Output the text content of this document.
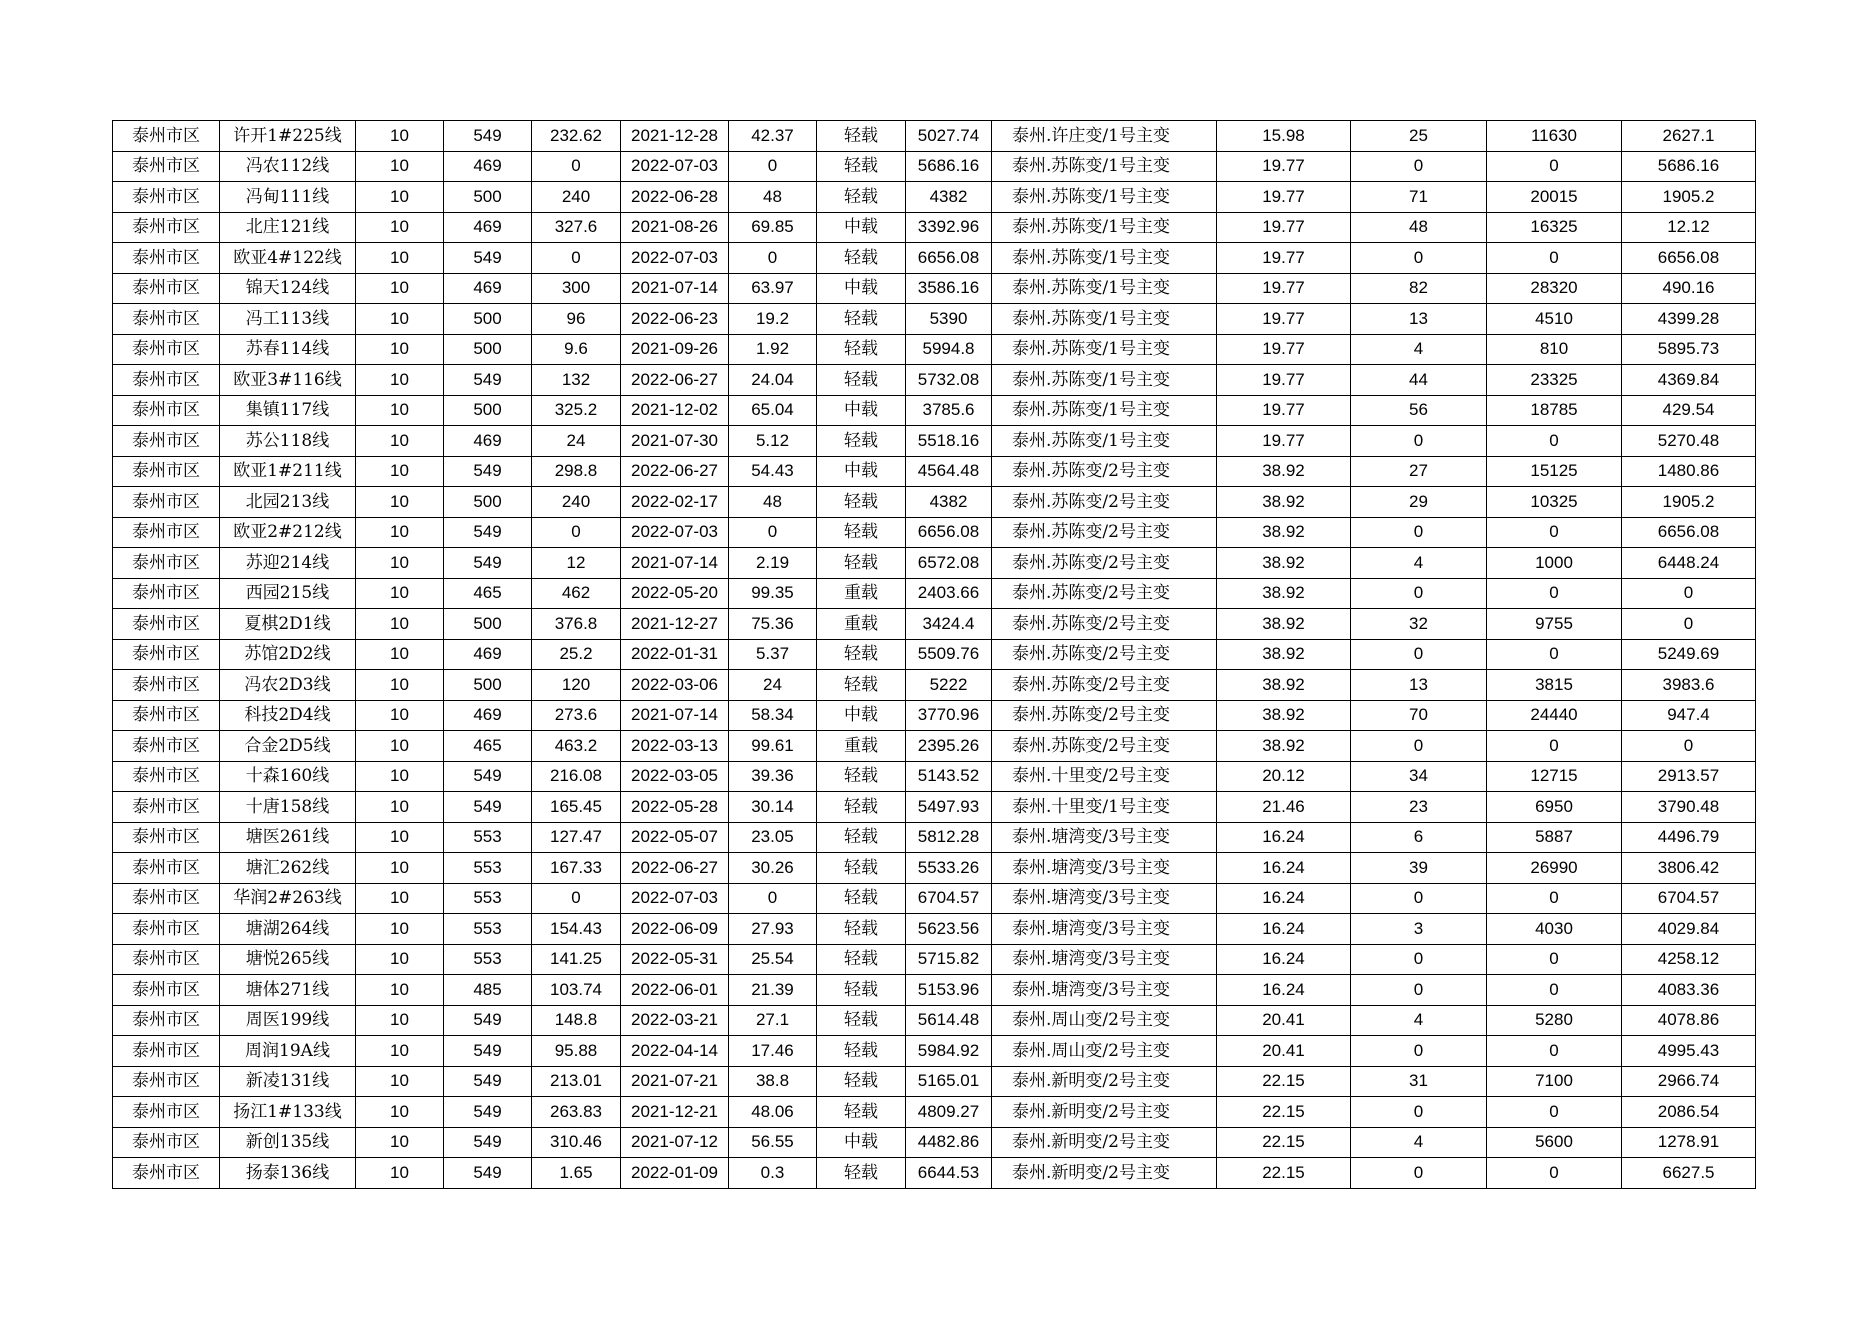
泰州市区	许开1#225线	10	549	232.62	2021-12-28	42.37	轻载	5027.74	泰州.许庄变/1号主变	15.98	25	11630	2627.1
泰州市区	冯农112线	10	469	0	2022-07-03	0	轻载	5686.16	泰州.苏陈变/1号主变	19.77	0	0	5686.16
泰州市区	冯甸111线	10	500	240	2022-06-28	48	轻载	4382	泰州.苏陈变/1号主变	19.77	71	20015	1905.2
泰州市区	北庄121线	10	469	327.6	2021-08-26	69.85	中载	3392.96	泰州.苏陈变/1号主变	19.77	48	16325	12.12
泰州市区	欧亚4#122线	10	549	0	2022-07-03	0	轻载	6656.08	泰州.苏陈变/1号主变	19.77	0	0	6656.08
泰州市区	锦天124线	10	469	300	2021-07-14	63.97	中载	3586.16	泰州.苏陈变/1号主变	19.77	82	28320	490.16
泰州市区	冯工113线	10	500	96	2022-06-23	19.2	轻载	5390	泰州.苏陈变/1号主变	19.77	13	4510	4399.28
泰州市区	苏春114线	10	500	9.6	2021-09-26	1.92	轻载	5994.8	泰州.苏陈变/1号主变	19.77	4	810	5895.73
泰州市区	欧亚3#116线	10	549	132	2022-06-27	24.04	轻载	5732.08	泰州.苏陈变/1号主变	19.77	44	23325	4369.84
泰州市区	集镇117线	10	500	325.2	2021-12-02	65.04	中载	3785.6	泰州.苏陈变/1号主变	19.77	56	18785	429.54
泰州市区	苏公118线	10	469	24	2021-07-30	5.12	轻载	5518.16	泰州.苏陈变/1号主变	19.77	0	0	5270.48
泰州市区	欧亚1#211线	10	549	298.8	2022-06-27	54.43	中载	4564.48	泰州.苏陈变/2号主变	38.92	27	15125	1480.86
泰州市区	北园213线	10	500	240	2022-02-17	48	轻载	4382	泰州.苏陈变/2号主变	38.92	29	10325	1905.2
泰州市区	欧亚2#212线	10	549	0	2022-07-03	0	轻载	6656.08	泰州.苏陈变/2号主变	38.92	0	0	6656.08
泰州市区	苏迎214线	10	549	12	2021-07-14	2.19	轻载	6572.08	泰州.苏陈变/2号主变	38.92	4	1000	6448.24
泰州市区	西园215线	10	465	462	2022-05-20	99.35	重载	2403.66	泰州.苏陈变/2号主变	38.92	0	0	0
泰州市区	夏棋2D1线	10	500	376.8	2021-12-27	75.36	重载	3424.4	泰州.苏陈变/2号主变	38.92	32	9755	0
泰州市区	苏馆2D2线	10	469	25.2	2022-01-31	5.37	轻载	5509.76	泰州.苏陈变/2号主变	38.92	0	0	5249.69
泰州市区	冯农2D3线	10	500	120	2022-03-06	24	轻载	5222	泰州.苏陈变/2号主变	38.92	13	3815	3983.6
泰州市区	科技2D4线	10	469	273.6	2021-07-14	58.34	中载	3770.96	泰州.苏陈变/2号主变	38.92	70	24440	947.4
泰州市区	合金2D5线	10	465	463.2	2022-03-13	99.61	重载	2395.26	泰州.苏陈变/2号主变	38.92	0	0	0
泰州市区	十森160线	10	549	216.08	2022-03-05	39.36	轻载	5143.52	泰州.十里变/2号主变	20.12	34	12715	2913.57
泰州市区	十唐158线	10	549	165.45	2022-05-28	30.14	轻载	5497.93	泰州.十里变/1号主变	21.46	23	6950	3790.48
泰州市区	塘医261线	10	553	127.47	2022-05-07	23.05	轻载	5812.28	泰州.塘湾变/3号主变	16.24	6	5887	4496.79
泰州市区	塘汇262线	10	553	167.33	2022-06-27	30.26	轻载	5533.26	泰州.塘湾变/3号主变	16.24	39	26990	3806.42
泰州市区	华润2#263线	10	553	0	2022-07-03	0	轻载	6704.57	泰州.塘湾变/3号主变	16.24	0	0	6704.57
泰州市区	塘湖264线	10	553	154.43	2022-06-09	27.93	轻载	5623.56	泰州.塘湾变/3号主变	16.24	3	4030	4029.84
泰州市区	塘悦265线	10	553	141.25	2022-05-31	25.54	轻载	5715.82	泰州.塘湾变/3号主变	16.24	0	0	4258.12
泰州市区	塘体271线	10	485	103.74	2022-06-01	21.39	轻载	5153.96	泰州.塘湾变/3号主变	16.24	0	0	4083.36
泰州市区	周医199线	10	549	148.8	2022-03-21	27.1	轻载	5614.48	泰州.周山变/2号主变	20.41	4	5280	4078.86
泰州市区	周润19A线	10	549	95.88	2022-04-14	17.46	轻载	5984.92	泰州.周山变/2号主变	20.41	0	0	4995.43
泰州市区	新凌131线	10	549	213.01	2021-07-21	38.8	轻载	5165.01	泰州.新明变/2号主变	22.15	31	7100	2966.74
泰州市区	扬江1#133线	10	549	263.83	2021-12-21	48.06	轻载	4809.27	泰州.新明变/2号主变	22.15	0	0	2086.54
泰州市区	新创135线	10	549	310.46	2021-07-12	56.55	中载	4482.86	泰州.新明变/2号主变	22.15	4	5600	1278.91
泰州市区	扬泰136线	10	549	1.65	2022-01-09	0.3	轻载	6644.53	泰州.新明变/2号主变	22.15	0	0	6627.5
